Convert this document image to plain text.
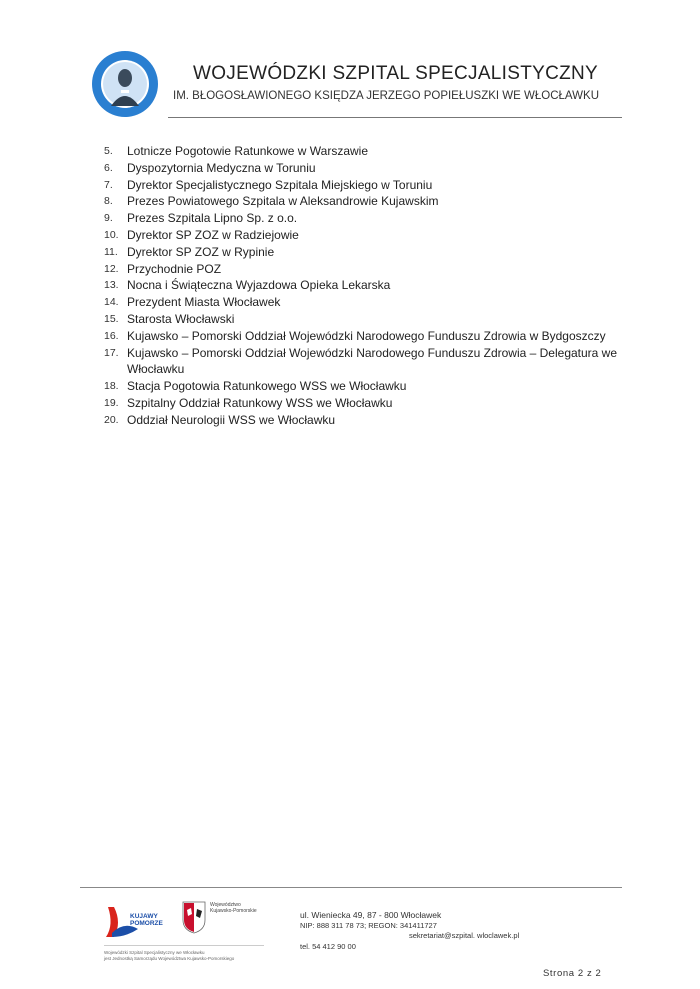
WOJEWÓDZKI SZPITAL SPECJALISTYCZNY
IM. BŁOGOSŁAWIONEGO KSIĘDZA JERZEGO POPIEŁUSZKI WE WŁOCŁAWKU
5.	Lotnicze Pogotowie Ratunkowe w Warszawie
6.	Dyspozytornia Medyczna w Toruniu
7.	Dyrektor Specjalistycznego Szpitala Miejskiego w Toruniu
8.	Prezes Powiatowego Szpitala w Aleksandrowie Kujawskim
9.	Prezes Szpitala Lipno Sp. z o.o.
10. Dyrektor SP ZOZ w Radziejowie
11. Dyrektor SP ZOZ w Rypinie
12. Przychodnie POZ
13. Nocna i Świąteczna Wyjazdowa Opieka Lekarska
14. Prezydent Miasta Włocławek
15. Starosta Włocławski
16. Kujawsko – Pomorski Oddział Wojewódzki Narodowego Funduszu Zdrowia w Bydgoszczy
17. Kujawsko – Pomorski Oddział Wojewódzki Narodowego Funduszu Zdrowia – Delegatura we Włocławku
18. Stacja Pogotowia Ratunkowego WSS we Włocławku
19. Szpitalny Oddział Ratunkowy WSS we Włocławku
20. Oddział Neurologii WSS we Włocławku
KUJAWY
POMORZE
Województwo
Kujawsko-Pomorskie
Wojewódzki Szpital Specjalistyczny we Włocławku
jest Jednostką Samorządu Województwa Kujawsko-Pomorskiego
ul. Wieniecka 49, 87 - 800 Włocławek
NIP: 888 311 78 73; REGON: 341411727
sekretariat@szpital. wloclawek.pl
tel. 54 412 90 00
Strona 2 z 2
